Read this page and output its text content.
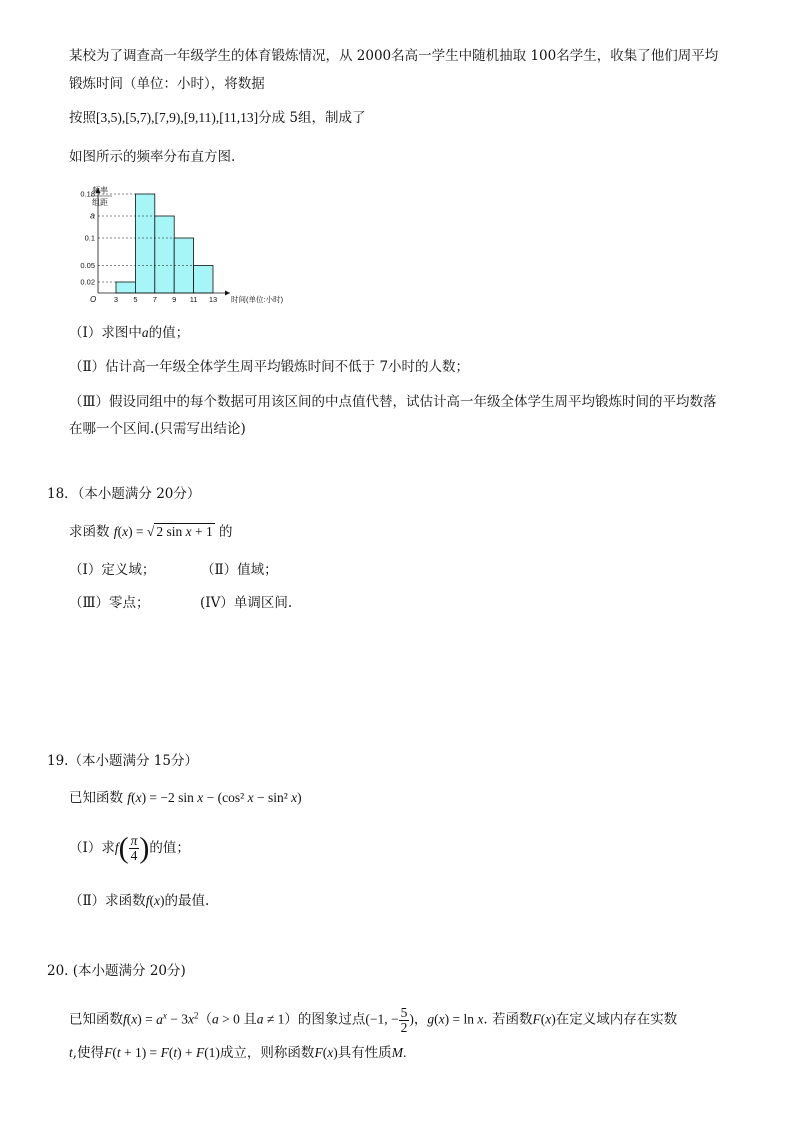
某校为了调查高一年级学生的体育锻炼情况，从 2000名高一学生中随机抽取 100名学生，收集了他们周平均
锻炼时间（单位：小时），将数据
按照[3,5),[5,7),[7,9),[9,11),[11,13]分成 5组，制成了
如图所示的频率分布直方图.
0.18
a
0.1
0.05
0.02
3 5 7 9 11 13
O
频率
组距
时间(单位:小时)
（Ⅰ）求图中a的值；
（Ⅱ）估计高一年级全体学生周平均锻炼时间不低于 7小时的人数；
（Ⅲ）假设同组中的每个数据可用该区间的中点值代替，试估计高一年级全体学生周平均锻炼时间的平均数落
在哪一个区间.(只需写出结论)
18．（本小题满分 20分）
求函数 f(x) = √ 2 sin x + 1 的
（Ⅰ）定义域；	（Ⅱ）值域；
（Ⅲ）零点；	(IV）单调区间.
19.（本小题满分 15分）
已知函数 f(x) = −2 sin x − (cos² x − sin² x)
（Ⅰ）求$f( \frac{\pi}{4}$ )的值；
（Ⅱ）求函数f(x)的最值.
20. (本小题满分 20分)
已知函数$f(x) = a^x - 3x^2(a > 0$ 且a ≠ 1）的图象过点(−1, − $\frac{5}{2}$ )，g(x) = ln x. 若函数F(x)在定义域内存在实数
t,使得F(t + 1) = F(t) + F(1)成立，则称函数F(x)具有性质M.
